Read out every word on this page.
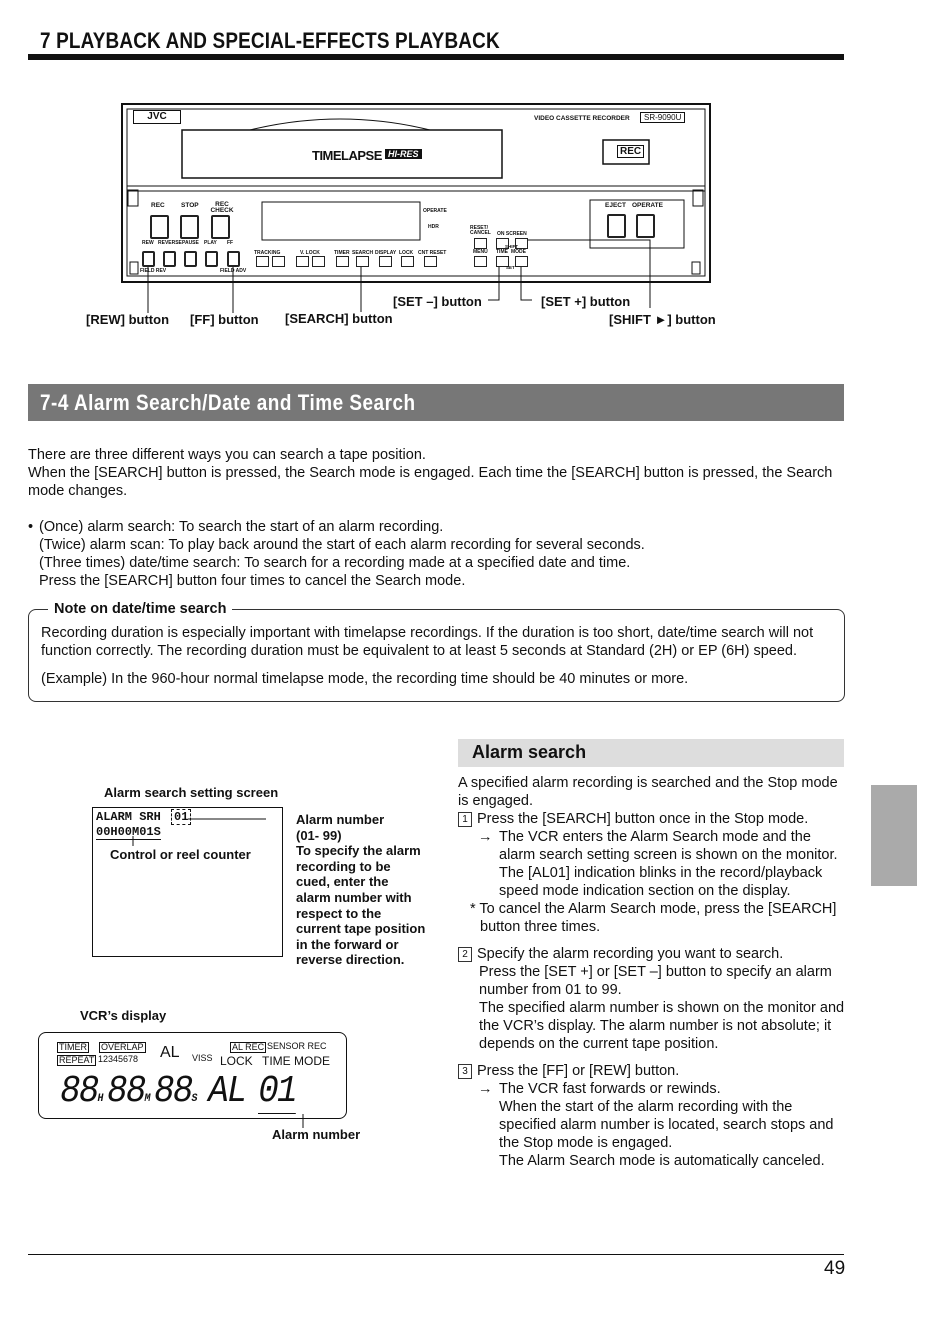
7 PLAYBACK AND SPECIAL-EFFECTS PLAYBACK
JVC	VIDEO CASSETTE RECORDER	SR-9090U
TIMELAPSE HI-RES	REC
REC	STOP	REC CHECK	OPERATE
HDR
REW REVERSE PAUSE PLAY FF
FIELD REV	FIELD ADV
TRACKING	V. LOCK	TIMER SEARCH DISPLAY LOCK CNT RESET
RESET/ CANCEL
MENU
ON SCREEN
SHIFT
TIME MODE
SET
EJECT OPERATE
[SET –] button	[SET +] button
[REW] button [FF] button [SEARCH] button	[SHIFT ►] button
7-4 Alarm Search/Date and Time Search
There are three different ways you can search a tape position.
When the [SEARCH] button is pressed, the Search mode is engaged. Each time the [SEARCH] button is pressed, the Search mode changes.
• (Once) alarm search: To search the start of an alarm recording.
(Twice) alarm scan: To play back around the start of each alarm recording for several seconds.
(Three times) date/time search: To search for a recording made at a specified date and time.
Press the [SEARCH] button four times to cancel the Search mode.
Note on date/time search
Recording duration is especially important with timelapse recordings. If the duration is too short, date/time search will not function correctly. The recording duration must be equivalent to at least 5 seconds at Standard (2H) or EP (6H) speed.
(Example) In the 960-hour normal timelapse mode, the recording time should be 40 minutes or more.
Alarm search setting screen
ALARM SRH 01
00H00M01S
Control or reel counter
Alarm number
(01- 99)
To specify the alarm recording to be cued, enter the alarm number with respect to the current tape position in the forward or reverse direction.
VCR’s display
TIMER OVERLAP
REPEAT 12345678 AL VISS
AL REC SENSOR REC
LOCK TIME MODE
88H 88M 88S AL 01
Alarm number
Alarm search
A specified alarm recording is searched and the Stop mode is engaged.
1 Press the [SEARCH] button once in the Stop mode.
→ The VCR enters the Alarm Search mode and the alarm search setting screen is shown on the monitor. The [AL01] indication blinks in the record/playback speed mode indication section on the display.
* To cancel the Alarm Search mode, press the [SEARCH] button three times.
2 Specify the alarm recording you want to search.
Press the [SET +] or [SET –] button to specify an alarm number from 01 to 99.
The specified alarm number is shown on the monitor and the VCR’s display. The alarm number is not absolute; it depends on the current tape position.
3 Press the [FF] or [REW] button.
→ The VCR fast forwards or rewinds.
When the start of the alarm recording with the specified alarm number is located, search stops and the Stop mode is engaged.
The Alarm Search mode is automatically canceled.
49
